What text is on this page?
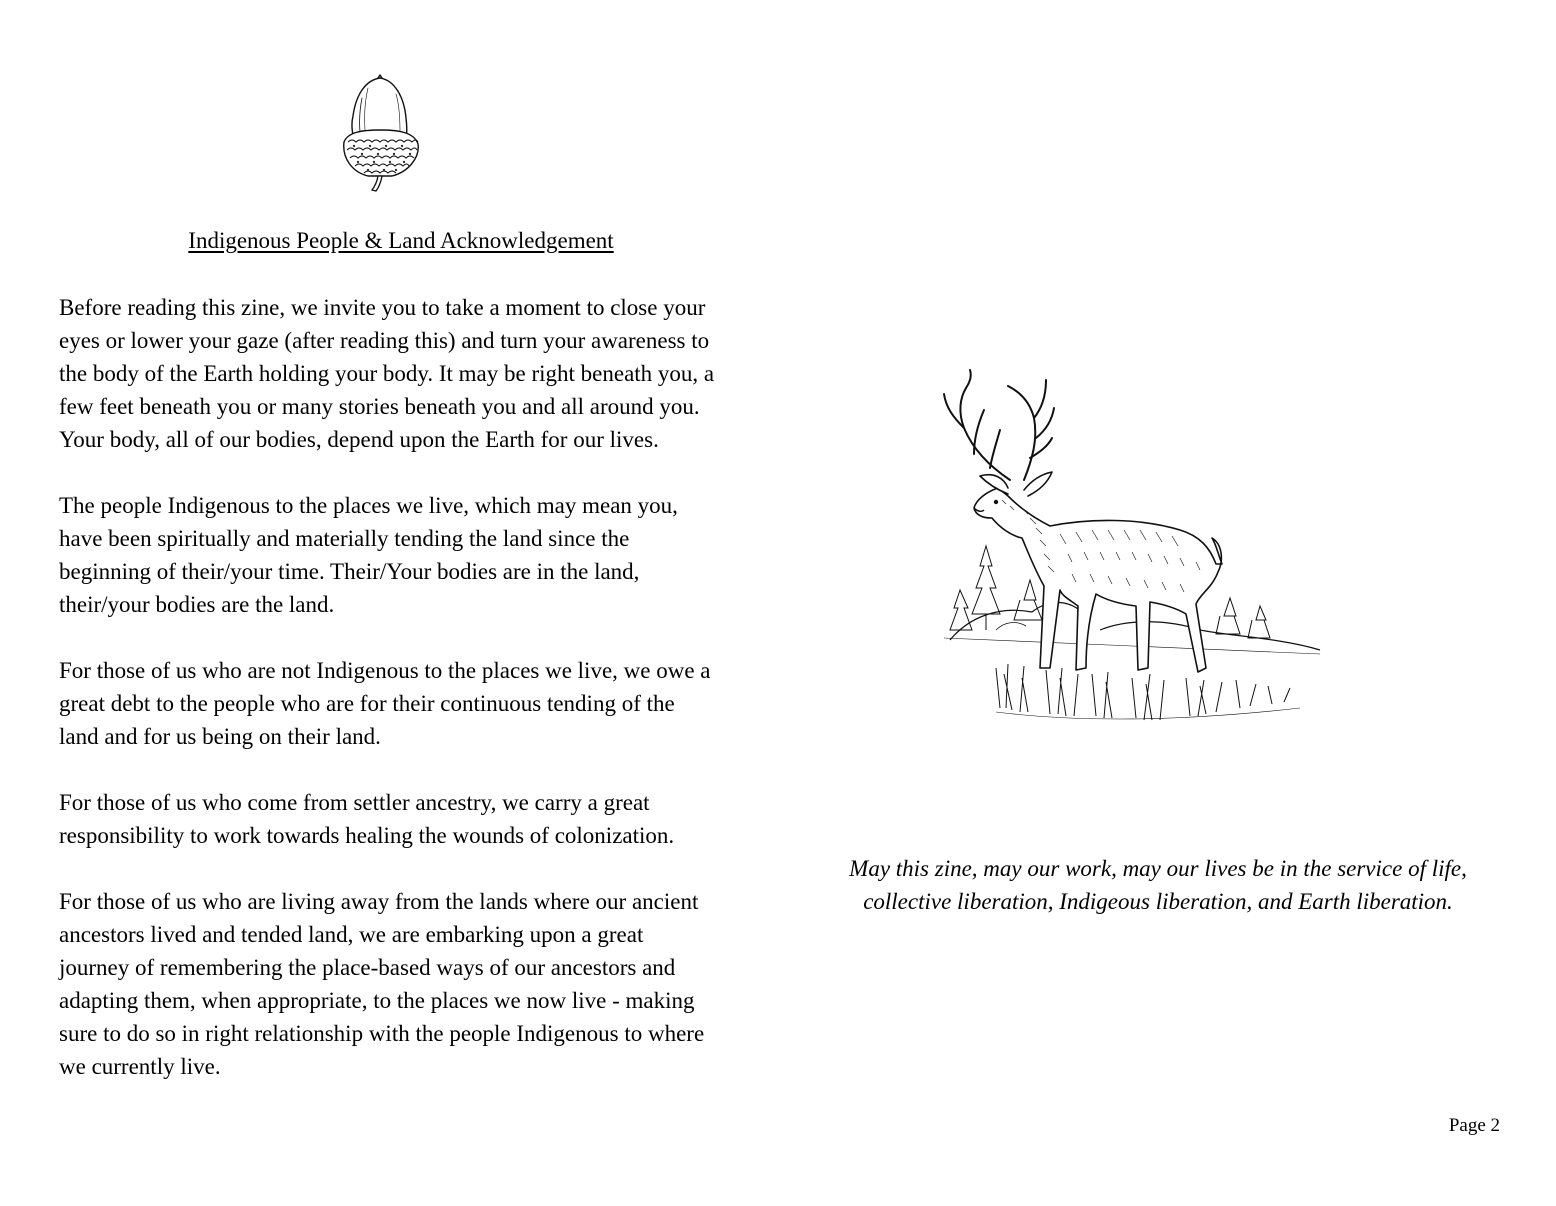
Indigenous People & Land Acknowledgement

Before reading this zine, we invite you to take a moment to close your
eyes or lower your gaze (after reading this) and turn your awareness to
the body of the Earth holding your body. It may be right beneath you, a
few feet beneath you or many stories beneath you and all around you.
Your body, all of our bodies, depend upon the Earth for our lives.

The people Indigenous to the places we live, which may mean you,
have been spiritually and materially tending the land since the
beginning of their/your time. Their/Your bodies are in the land,
their/your bodies are the land.

For those of us who are not Indigenous to the places we live, we owe a
great debt to the people who are for their continuous tending of the
land and for us being on their land.

For those of us who come from settler ancestry, we carry a great
responsibility to work towards healing the wounds of colonization.

For those of us who are living away from the lands where our ancient
ancestors lived and tended land, we are embarking upon a great
journey of remembering the place-based ways of our ancestors and
adapting them, when appropriate, to the places we now live - making
sure to do so in right relationship with the people Indigenous to where
we currently live.

May this zine, may our work, may our lives be in the service of life,
collective liberation, Indigeous liberation, and Earth liberation.
Page 2
